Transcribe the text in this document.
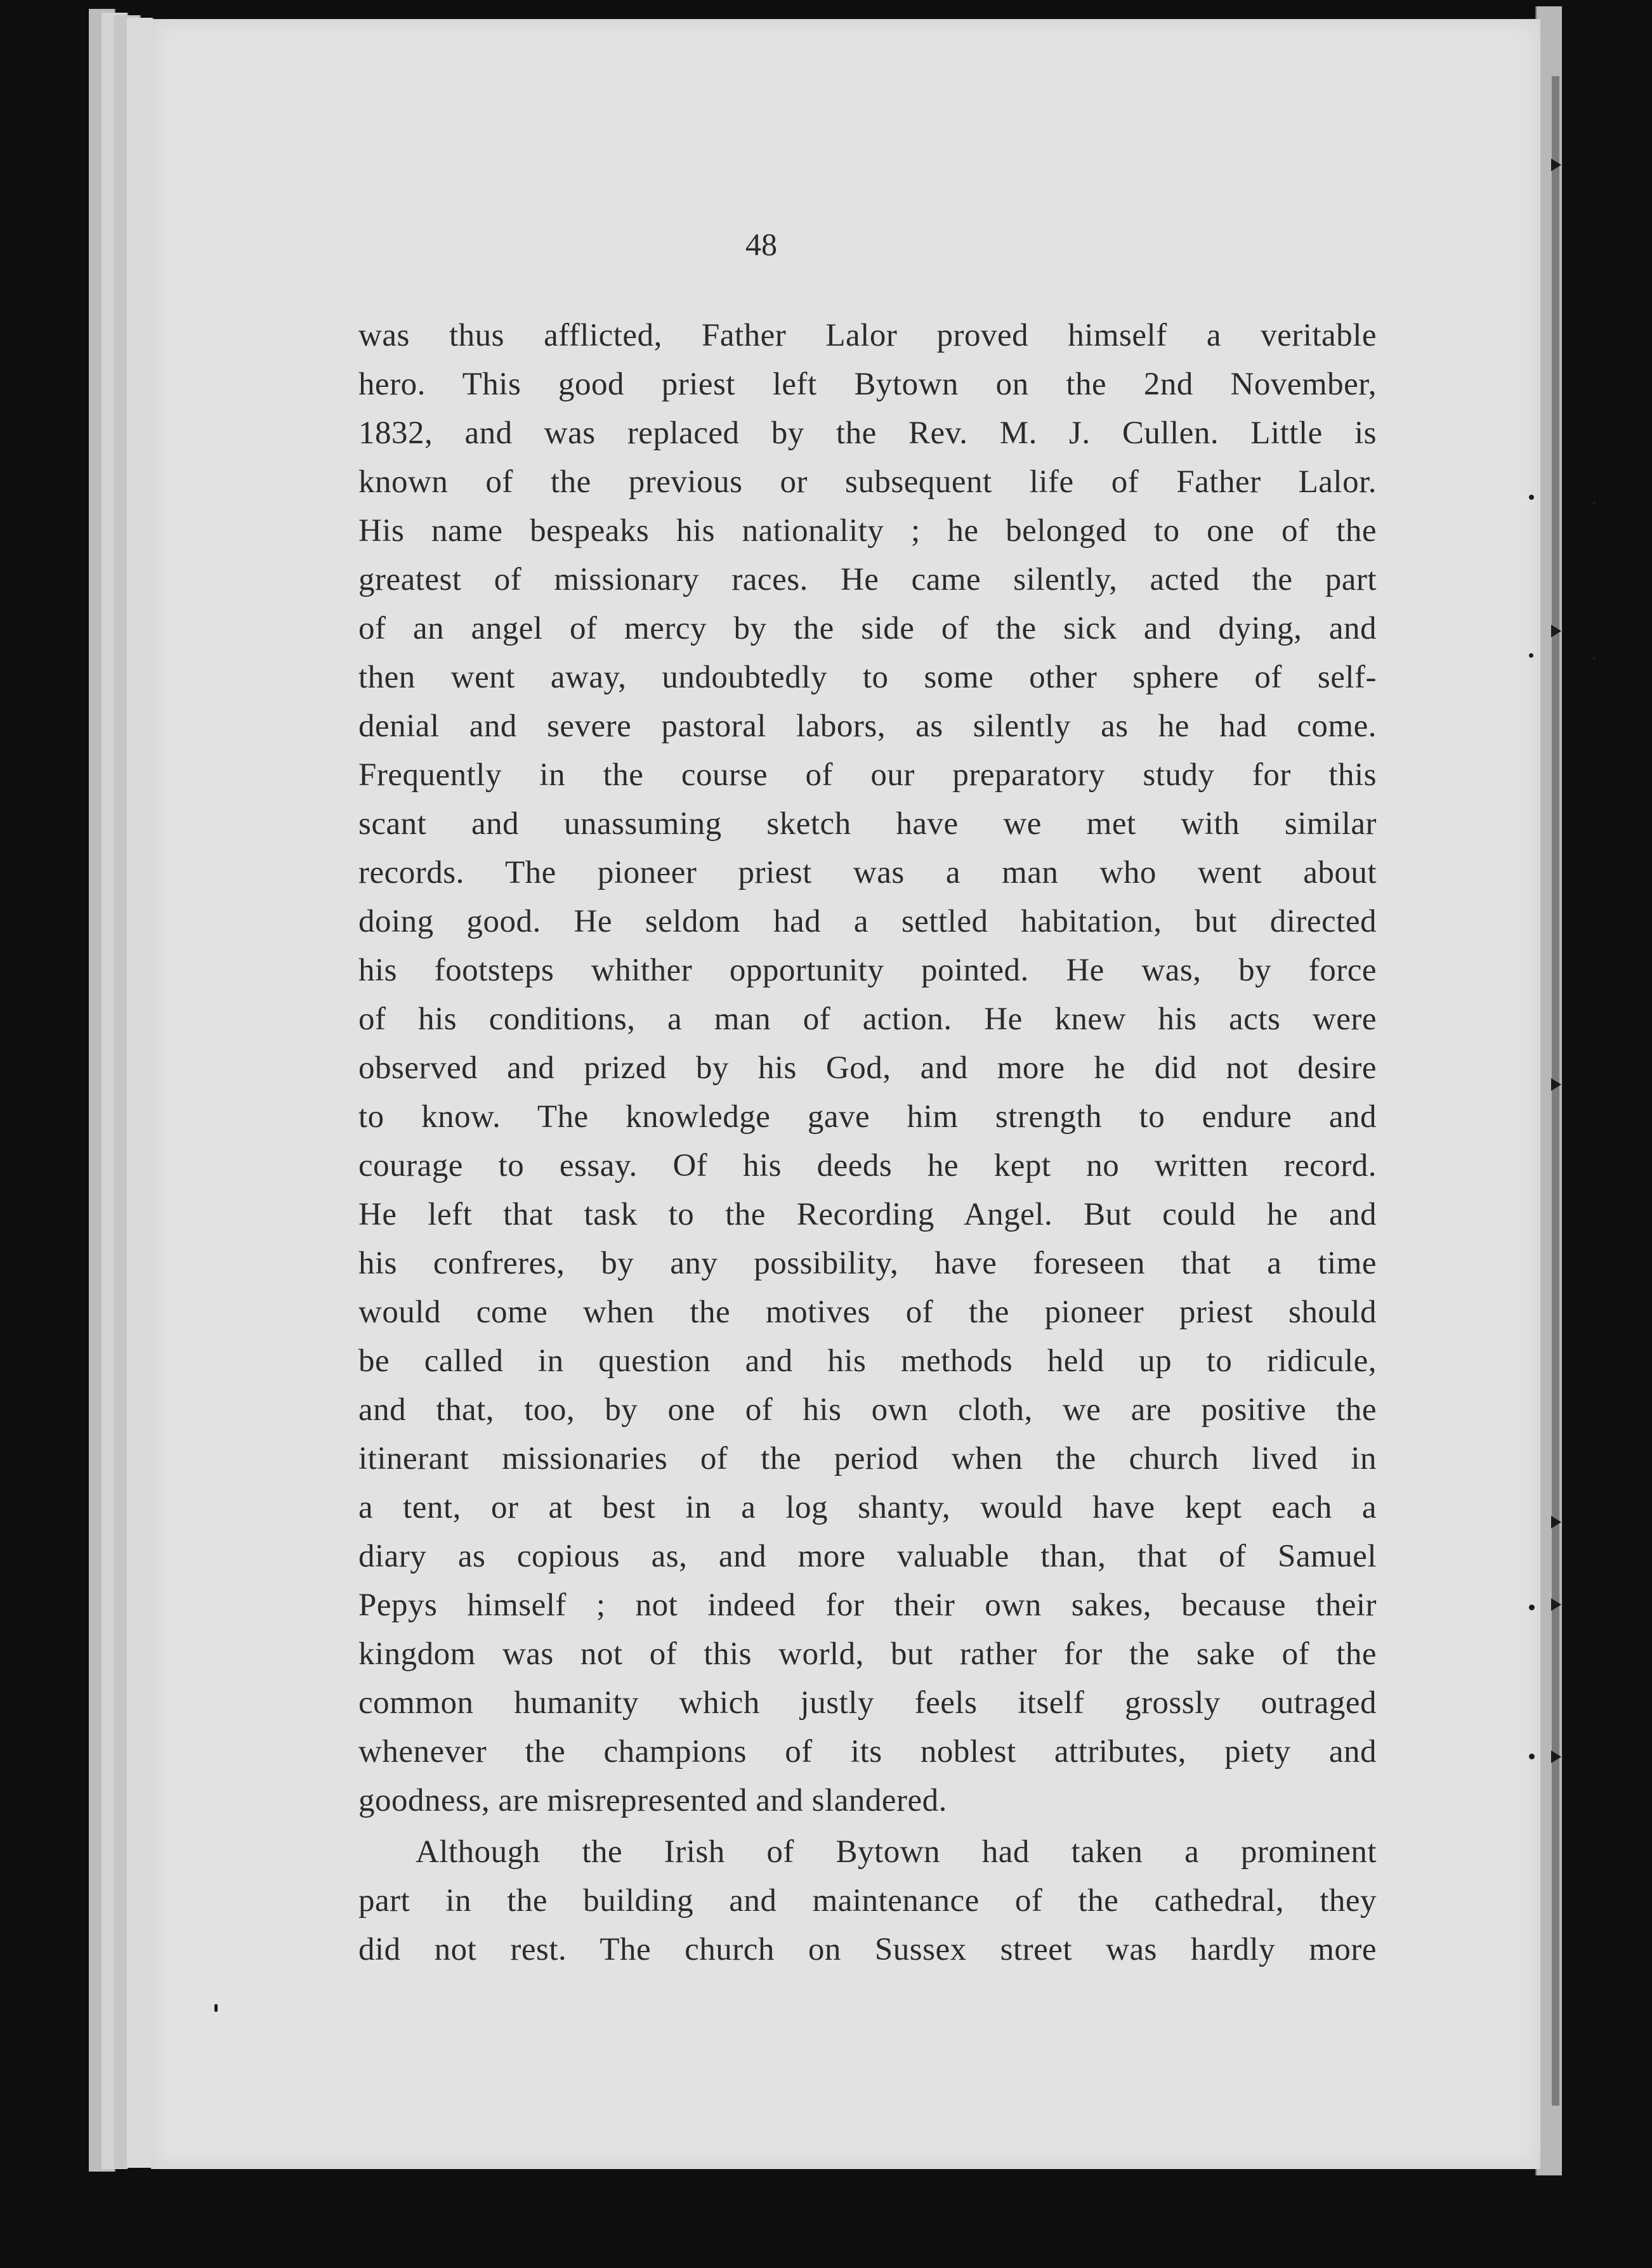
48
was thus afflicted, Father Lalor proved himself a veritable
hero. This good priest left Bytown on the 2nd November,
1832, and was replaced by the Rev. M. J. Cullen. Little is
known of the previous or subsequent life of Father Lalor.
His name bespeaks his nationality ; he belonged to one of the
greatest of missionary races. He came silently, acted the part
of an angel of mercy by the side of the sick and dying, and
then went away, undoubtedly to some other sphere of self-
denial and severe pastoral labors, as silently as he had come.
Frequently in the course of our preparatory study for this
scant and unassuming sketch have we met with similar
records. The pioneer priest was a man who went about
doing good. He seldom had a settled habitation, but directed
his footsteps whither opportunity pointed. He was, by force
of his conditions, a man of action. He knew his acts were
observed and prized by his God, and more he did not desire
to know. The knowledge gave him strength to endure and
courage to essay. Of his deeds he kept no written record.
He left that task to the Recording Angel. But could he and
his confreres, by any possibility, have foreseen that a time
would come when the motives of the pioneer priest should
be called in question and his methods held up to ridicule,
and that, too, by one of his own cloth, we are positive the
itinerant missionaries of the period when the church lived in
a tent, or at best in a log shanty, would have kept each a
diary as copious as, and more valuable than, that of Samuel
Pepys himself ; not indeed for their own sakes, because their
kingdom was not of this world, but rather for the sake of the
common humanity which justly feels itself grossly outraged
whenever the champions of its noblest attributes, piety and
goodness, are misrepresented and slandered.
Although the Irish of Bytown had taken a prominent
part in the building and maintenance of the cathedral, they
did not rest. The church on Sussex street was hardly more
